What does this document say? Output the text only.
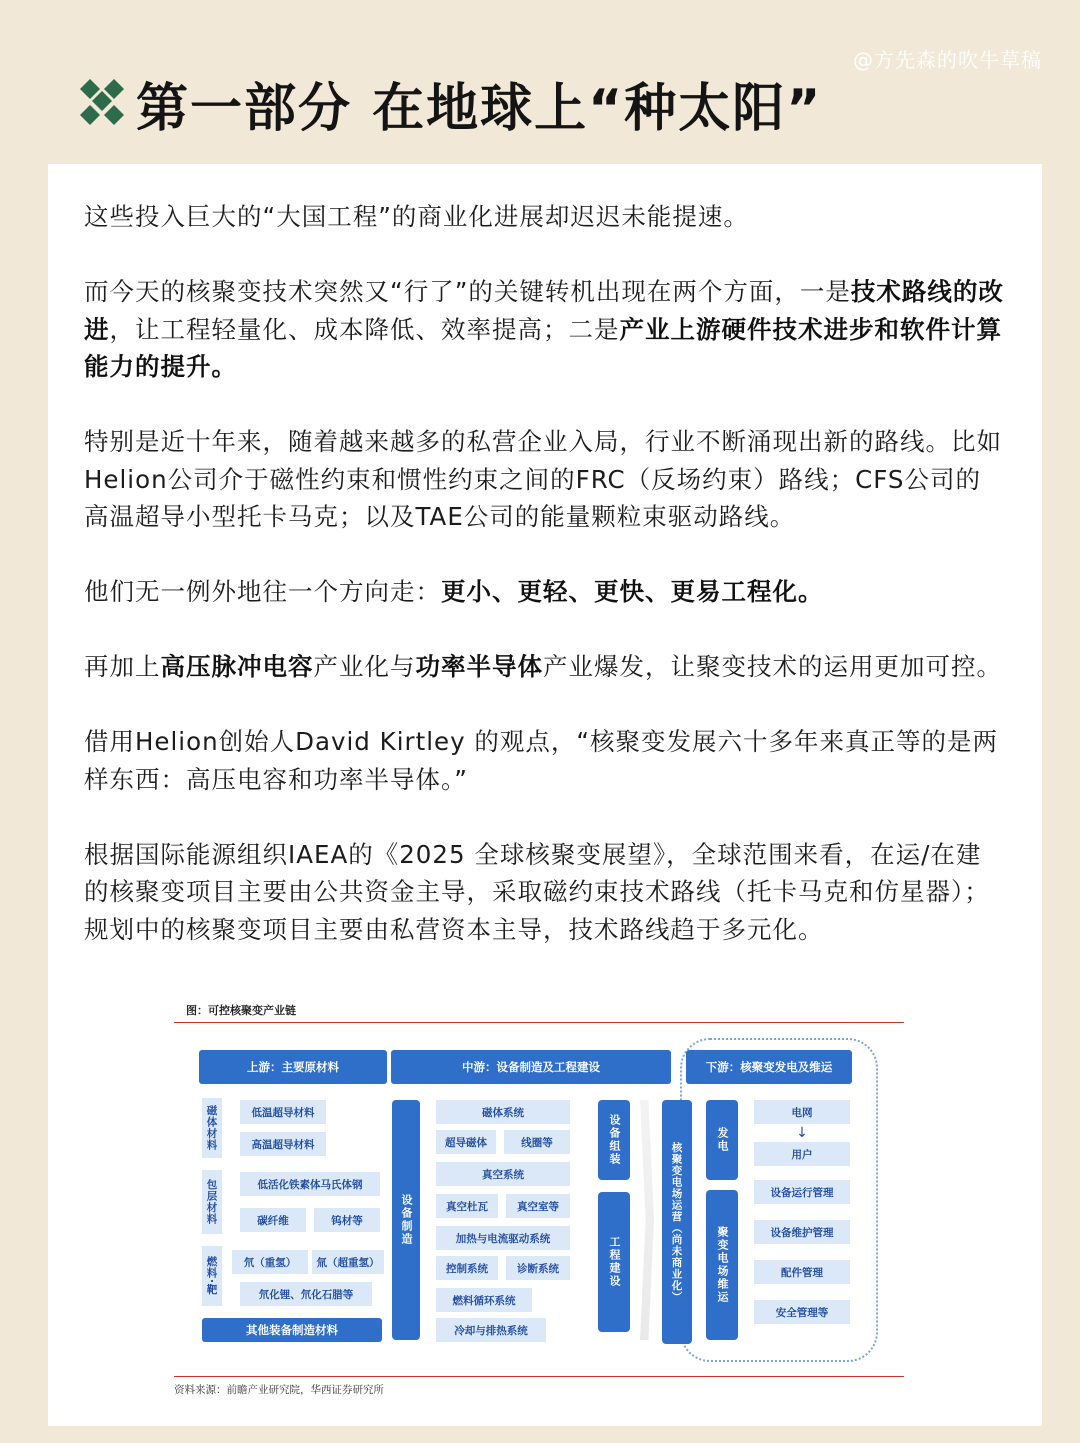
@方先森的吹牛草稿
第一部分 在地球上“种太阳”

这些投入巨大的“大国工程”的商业化进展却迟迟未能提速。

而今天的核聚变技术突然又“行了”的关键转机出现在两个方面，一是技术路线的改进，让工程轻量化、成本降低、效率提高；二是产业上游硬件技术进步和软件计算能力的提升。

特别是近十年来，随着越来越多的私营企业入局，行业不断涌现出新的路线。比如Helion公司介于磁性约束和惯性约束之间的FRC（反场约束）路线；CFS公司的高温超导小型托卡马克；以及TAE公司的能量颗粒束驱动路线。

他们无一例外地往一个方向走：更小、更轻、更快、更易工程化。

再加上高压脉冲电容产业化与功率半导体产业爆发，让聚变技术的运用更加可控。

借用Helion创始人David Kirtley 的观点，“核聚变发展六十多年来真正等的是两样东西：高压电容和功率半导体。”

根据国际能源组织IAEA的《2025 全球核聚变展望》，全球范围来看，在运/在建的核聚变项目主要由公共资金主导，采取磁约束技术路线（托卡马克和仿星器）；规划中的核聚变项目主要由私营资本主导，技术路线趋于多元化。

图：可控核聚变产业链
上游：主要原材料	中游：设备制造及工程建设	下游：核聚变发电及维运
磁体材料
包层材料
燃料·靶
低温超导材料
高温超导材料
低活化铁素体马氏体钢
碳纤维	钨材等
氘（重氢）	氚（超重氢）
氘化锂、氘化石腊等
其他装备制造材料
设备制造
磁体系统
超导磁体	线圈等
真空系统
真空杜瓦	真空室等
加热与电流驱动系统
控制系统	诊断系统
燃料循环系统
冷却与排热系统
设备组装
工程建设	核聚变电场运营（尚未商业化）
发电
聚变电场维运
电网
↓
用户
设备运行管理
设备维护管理
配件管理
安全管理等
资料来源：前瞻产业研究院，华西证券研究所
